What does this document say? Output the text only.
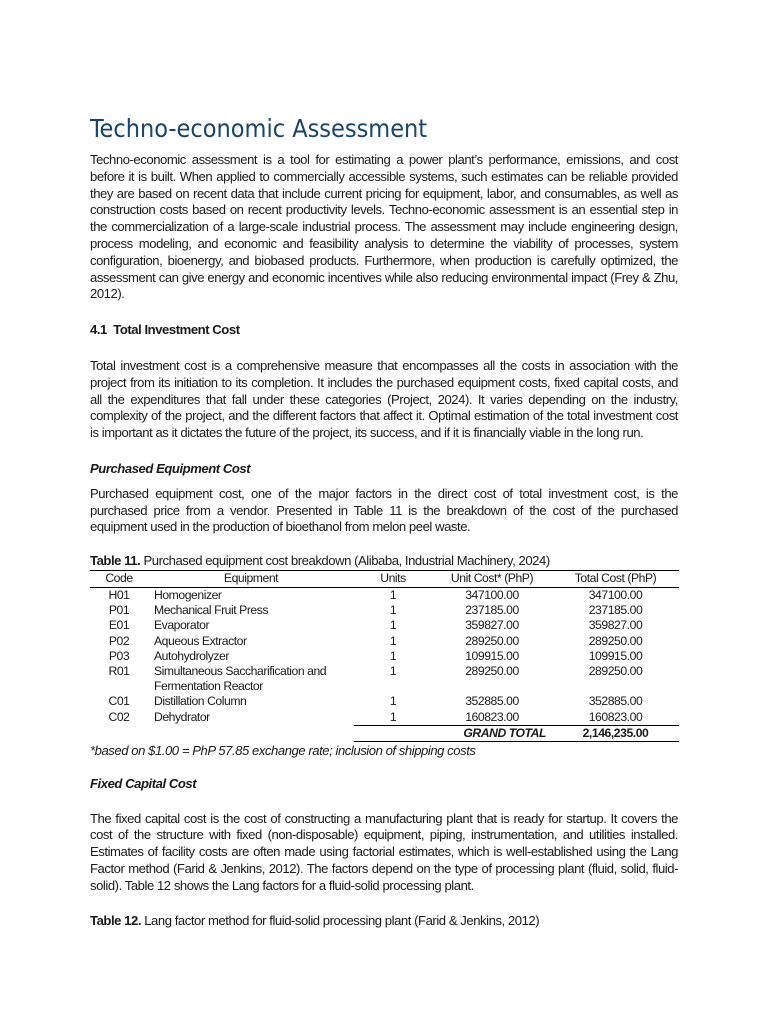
Techno-economic Assessment

Techno-economic assessment is a tool for estimating a power plant’s performance, emissions, and cost before it is built. When applied to commercially accessible systems, such estimates can be reliable provided they are based on recent data that include current pricing for equipment, labor, and consumables, as well as construction costs based on recent productivity levels. Techno-economic assessment is an essential step in the commercialization of a large-scale industrial process. The assessment may include engineering design, process modeling, and economic and feasibility analysis to determine the viability of processes, system configuration, bioenergy, and biobased products. Furthermore, when production is carefully optimized, the assessment can give energy and economic incentives while also reducing environmental impact (Frey & Zhu, 2012).

4.1 Total Investment Cost

Total investment cost is a comprehensive measure that encompasses all the costs in association with the project from its initiation to its completion. It includes the purchased equipment costs, fixed capital costs, and all the expenditures that fall under these categories (Project, 2024). It varies depending on the industry, complexity of the project, and the different factors that affect it. Optimal estimation of the total investment cost is important as it dictates the future of the project, its success, and if it is financially viable in the long run.

Purchased Equipment Cost

Purchased equipment cost, one of the major factors in the direct cost of total investment cost, is the purchased price from a vendor. Presented in Table 11 is the breakdown of the cost of the purchased equipment used in the production of bioethanol from melon peel waste.

Table 11. Purchased equipment cost breakdown (Alibaba, Industrial Machinery, 2024)
Code	Equipment	Units	Unit Cost* (PhP)	Total Cost (PhP)
H01	Homogenizer	1	347100.00	347100.00
P01	Mechanical Fruit Press	1	237185.00	237185.00
E01	Evaporator	1	359827.00	359827.00
P02	Aqueous Extractor	1	289250.00	289250.00
P03	Autohydrolyzer	1	109915.00	109915.00
R01	Simultaneous Saccharification and Fermentation Reactor	1	289250.00	289250.00
C01	Distillation Column	1	352885.00	352885.00
C02	Dehydrator	1	160823.00	160823.00
		GRAND TOTAL		2,146,235.00
*based on $1.00 = PhP 57.85 exchange rate; inclusion of shipping costs
Fixed Capital Cost

The fixed capital cost is the cost of constructing a manufacturing plant that is ready for startup. It covers the cost of the structure with fixed (non-disposable) equipment, piping, instrumentation, and utilities installed. Estimates of facility costs are often made using factorial estimates, which is well-established using the Lang Factor method (Farid & Jenkins, 2012). The factors depend on the type of processing plant (fluid, solid, fluid-solid). Table 12 shows the Lang factors for a fluid-solid processing plant.

Table 12. Lang factor method for fluid-solid processing plant (Farid & Jenkins, 2012)
